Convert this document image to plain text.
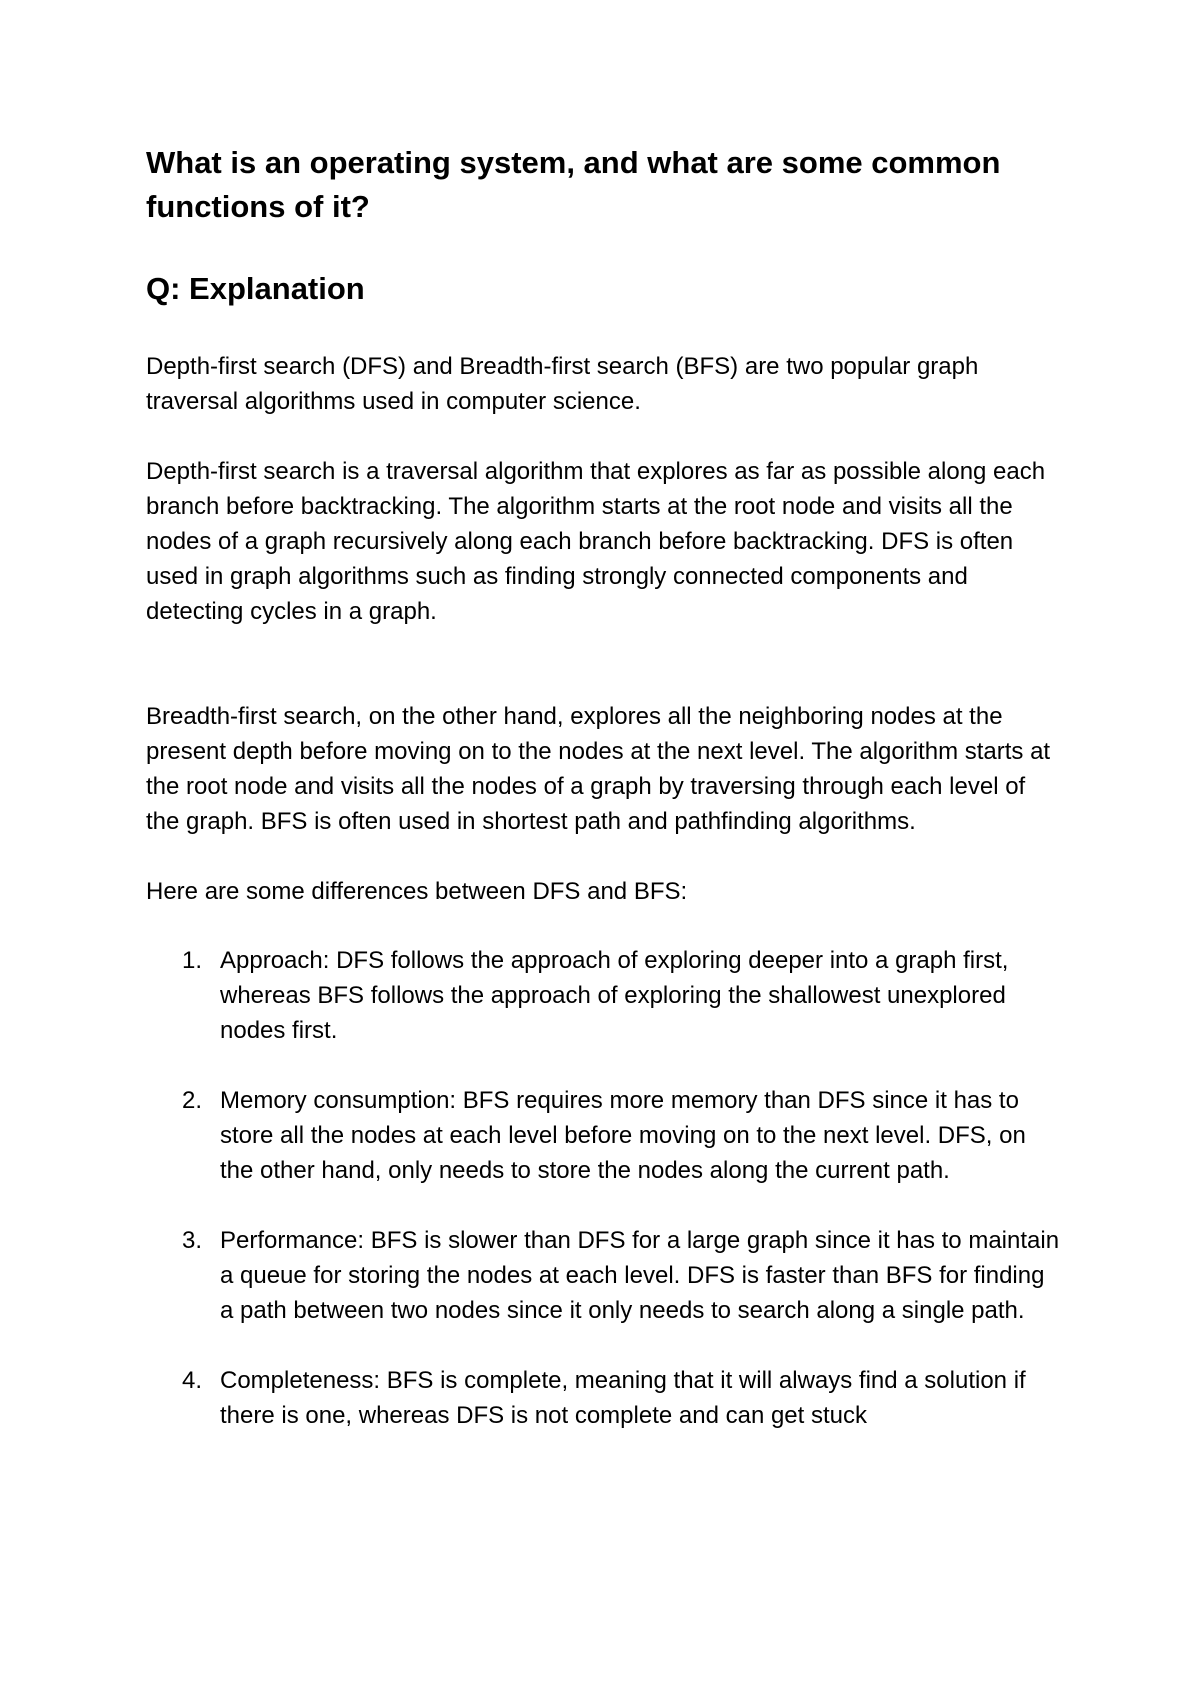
What is an operating system, and what are some common functions of it?
Q: Explanation

Depth-first search (DFS) and Breadth-first search (BFS) are two popular graph traversal algorithms used in computer science.

Depth-first search is a traversal algorithm that explores as far as possible along each branch before backtracking. The algorithm starts at the root node and visits all the nodes of a graph recursively along each branch before backtracking. DFS is often used in graph algorithms such as finding strongly connected components and detecting cycles in a graph.

Breadth-first search, on the other hand, explores all the neighboring nodes at the present depth before moving on to the nodes at the next level. The algorithm starts at the root node and visits all the nodes of a graph by traversing through each level of the graph. BFS is often used in shortest path and pathfinding algorithms.

Here are some differences between DFS and BFS:

1. Approach: DFS follows the approach of exploring deeper into a graph first, whereas BFS follows the approach of exploring the shallowest unexplored nodes first.
2. Memory consumption: BFS requires more memory than DFS since it has to store all the nodes at each level before moving on to the next level. DFS, on the other hand, only needs to store the nodes along the current path.
3. Performance: BFS is slower than DFS for a large graph since it has to maintain a queue for storing the nodes at each level. DFS is faster than BFS for finding a path between two nodes since it only needs to search along a single path.
4. Completeness: BFS is complete, meaning that it will always find a solution if there is one, whereas DFS is not complete and can get stuck
